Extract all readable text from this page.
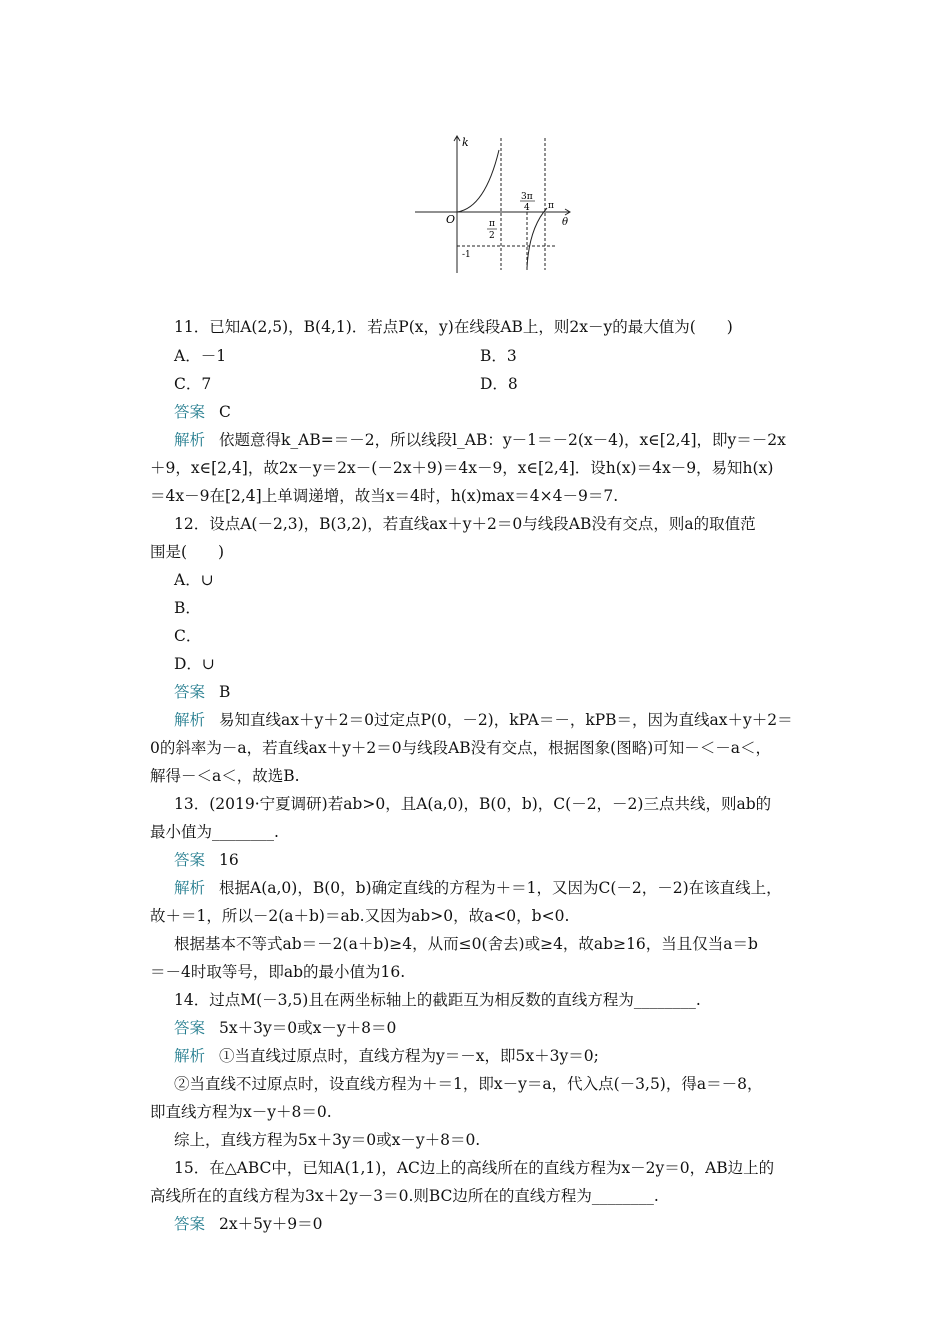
k
θ
O	π
2
3π
4 π
-1
11．已知A(2,5)，B(4,1)．若点P(x，y)在线段AB上，则2x－y的最大值为(　　)
A．－1	B．3
C．7	D．8
答案 C
解析 依题意得k_AB=＝－2，所以线段l_AB：y－1＝－2(x－4)，x∈[2,4]，即y＝－2x
＋9，x∈[2,4]，故2x－y＝2x－(－2x＋9)＝4x－9，x∈[2,4]．设h(x)＝4x－9，易知h(x)
＝4x－9在[2,4]上单调递增，故当x＝4时，h(x)max＝4×4－9＝7.
12．设点A(－2,3)，B(3,2)，若直线ax＋y＋2＝0与线段AB没有交点，则a的取值范
围是(　　)
A．∪
B．
C．
D．∪
答案 B
解析 易知直线ax＋y＋2＝0过定点P(0，－2)，kPA＝－，kPB＝，因为直线ax＋y＋2＝
0的斜率为－a，若直线ax＋y＋2＝0与线段AB没有交点，根据图象(图略)可知－＜－a＜，
解得－＜a＜，故选B.
13．(2019·宁夏调研)若ab>0，且A(a,0)，B(0，b)，C(－2，－2)三点共线，则ab的
最小值为________.
答案 16
解析 根据A(a,0)，B(0，b)确定直线的方程为＋＝1，又因为C(－2，－2)在该直线上，
故＋＝1，所以－2(a＋b)＝ab.又因为ab>0，故a<0，b<0.
根据基本不等式ab＝－2(a＋b)≥4，从而≤0(舍去)或≥4，故ab≥16，当且仅当a＝b
＝－4时取等号，即ab的最小值为16.
14．过点M(－3,5)且在两坐标轴上的截距互为相反数的直线方程为________.
答案 5x＋3y＝0或x－y＋8＝0
解析 ①当直线过原点时，直线方程为y＝－x，即5x＋3y＝0;
②当直线不过原点时，设直线方程为＋＝1，即x－y＝a，代入点(－3,5)，得a＝－8，
即直线方程为x－y＋8＝0.
综上，直线方程为5x＋3y＝0或x－y＋8＝0.
15．在△ABC中，已知A(1,1)，AC边上的高线所在的直线方程为x－2y＝0，AB边上的
高线所在的直线方程为3x＋2y－3＝0.则BC边所在的直线方程为________.
答案 2x＋5y＋9＝0
